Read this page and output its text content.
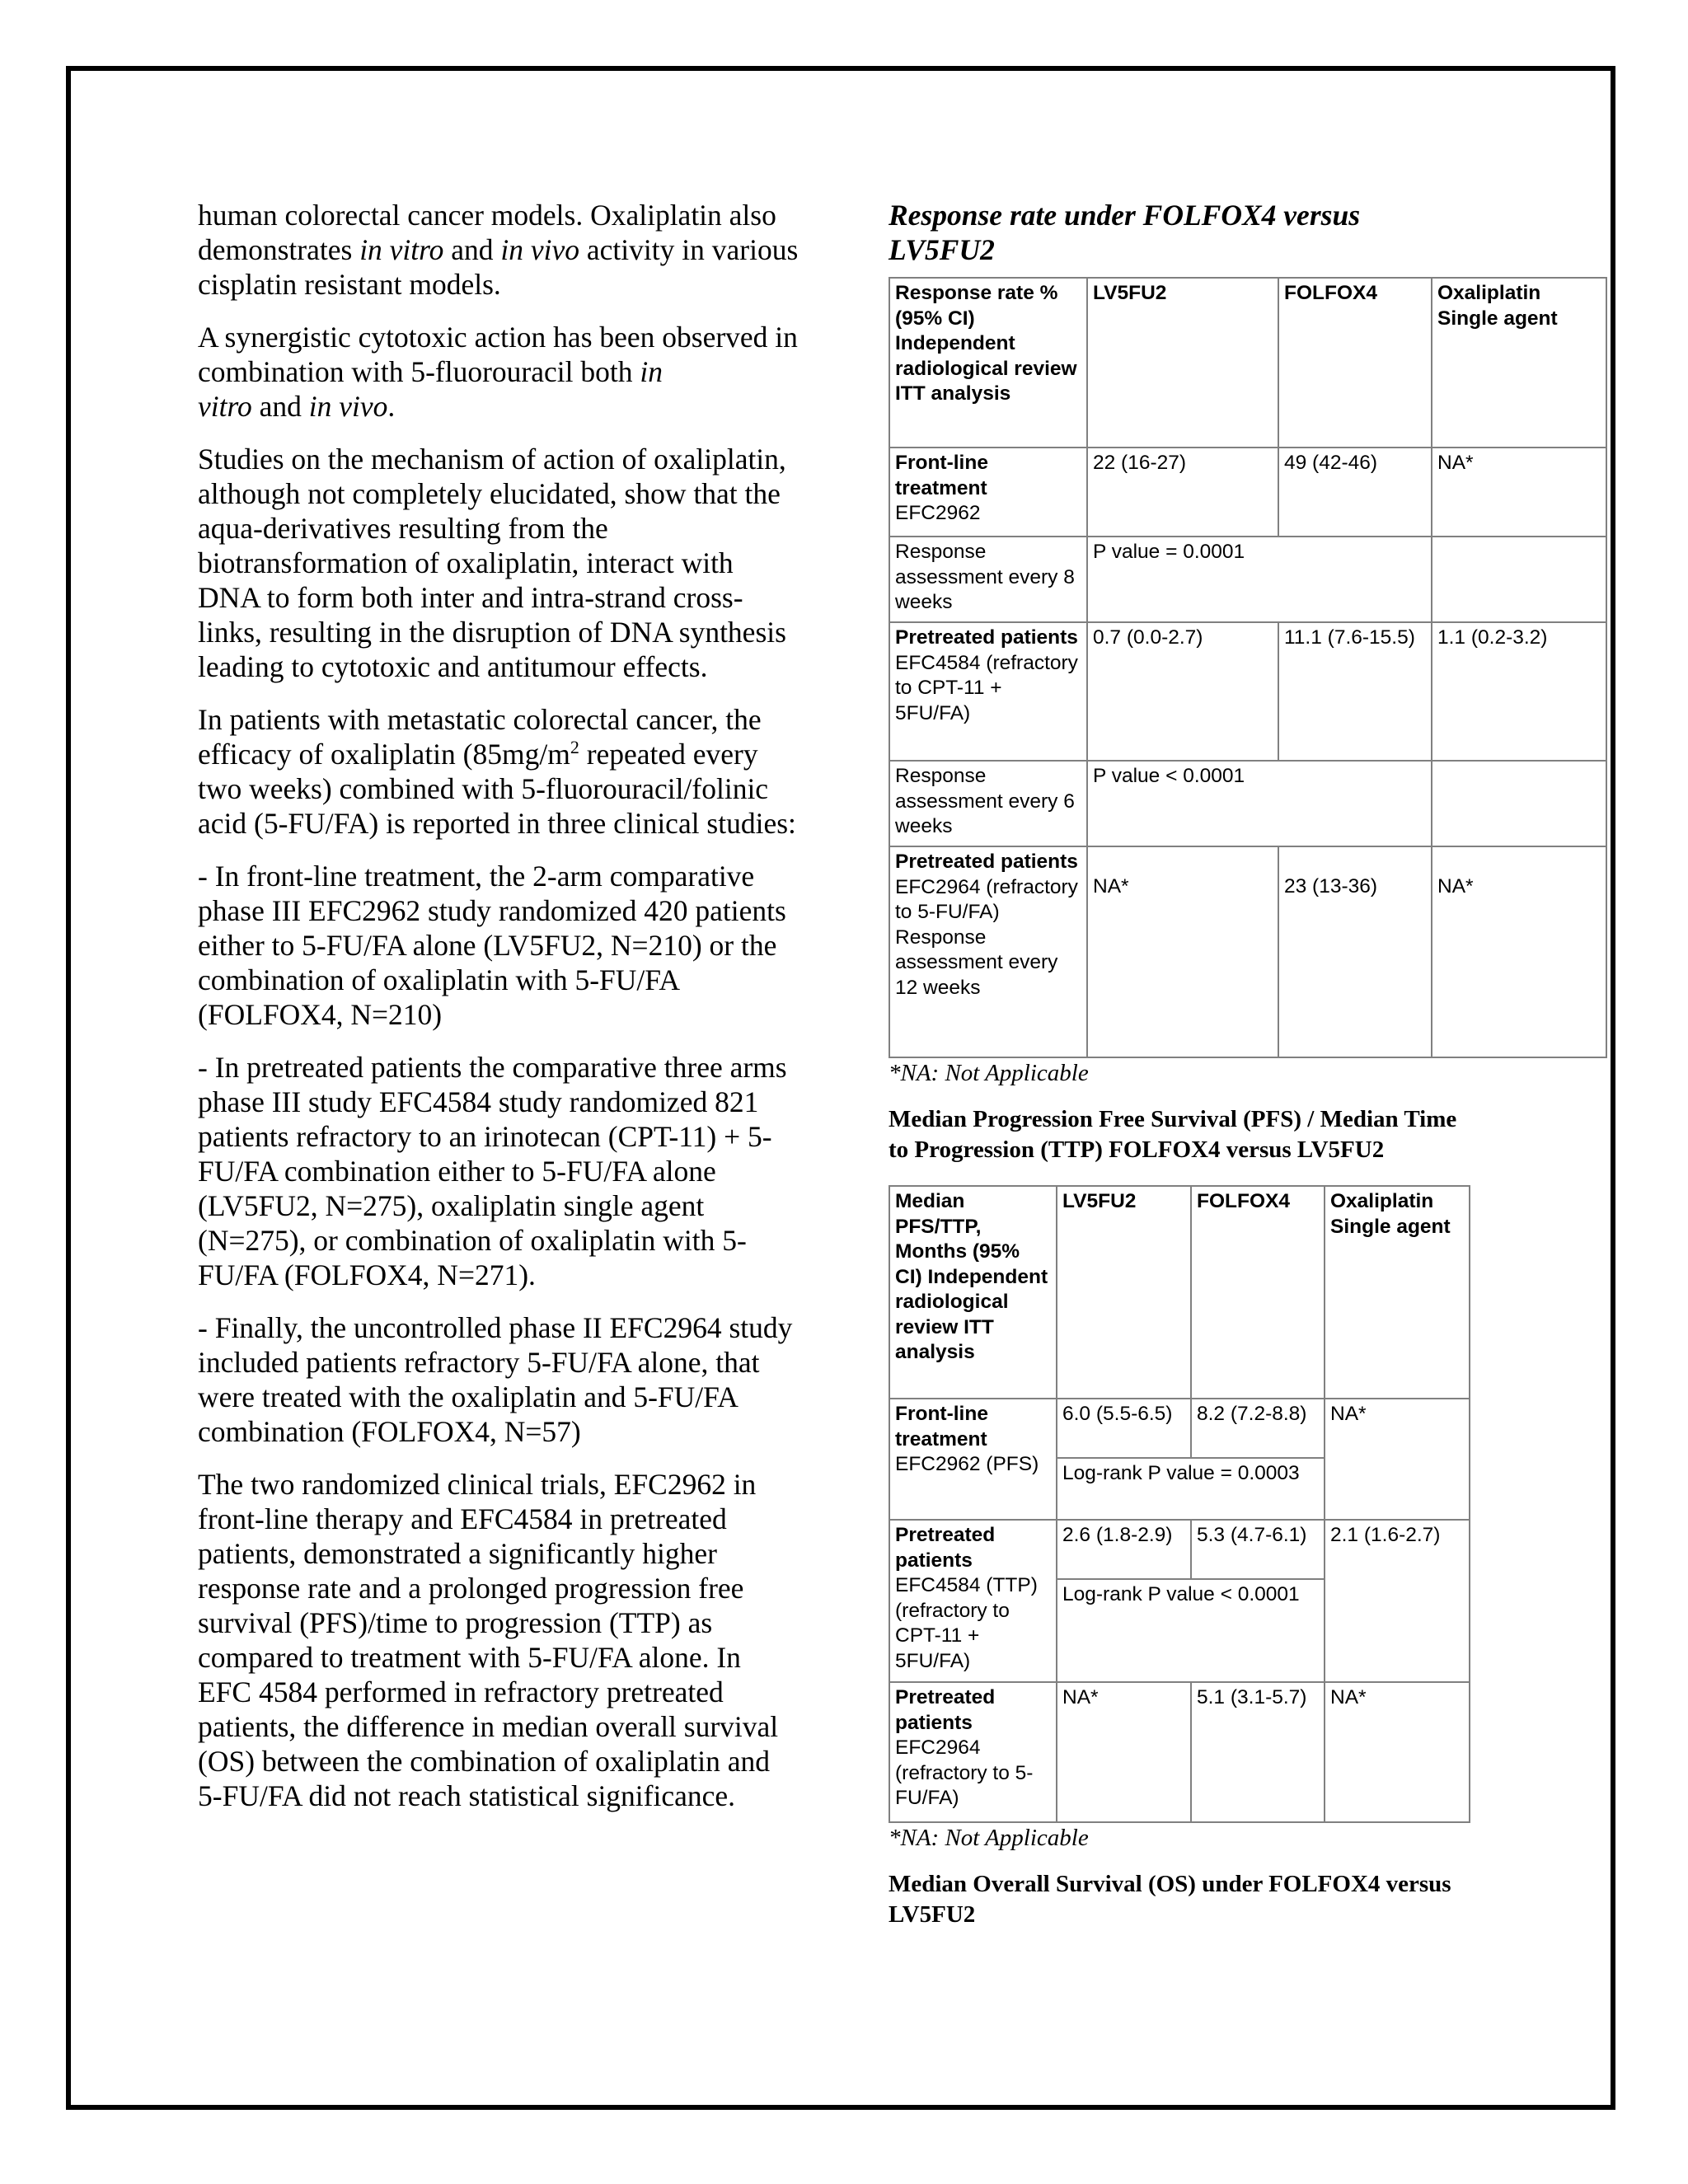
human colorectal cancer models. Oxaliplatin also demonstrates in vitro and in vivo activity in various cisplatin resistant models.

A synergistic cytotoxic action has been observed in combination with 5-fluorouracil both in
vitro and in vivo.

Studies on the mechanism of action of oxaliplatin, although not completely elucidated, show that the aqua-derivatives resulting from the biotransformation of oxaliplatin, interact with DNA to form both inter and intra-strand cross-links, resulting in the disruption of DNA synthesis leading to cytotoxic and antitumour effects.

In patients with metastatic colorectal cancer, the efficacy of oxaliplatin ($85mg/m^2$ repeated every two weeks) combined with 5-fluorouracil/folinic acid (5-FU/FA) is reported in three clinical studies:

- In front-line treatment, the 2-arm comparative phase III EFC2962 study randomized 420 patients either to 5-FU/FA alone (LV5FU2, N=210) or the combination of oxaliplatin with 5-FU/FA (FOLFOX4, N=210)

- In pretreated patients the comparative three arms phase III study EFC4584 study randomized 821 patients refractory to an irinotecan (CPT-11) + 5-FU/FA combination either to 5-FU/FA alone (LV5FU2, N=275), oxaliplatin single agent (N=275), or combination of oxaliplatin with 5-FU/FA (FOLFOX4, N=271).

- Finally, the uncontrolled phase II EFC2964 study included patients refractory 5-FU/FA alone, that were treated with the oxaliplatin and 5-FU/FA combination (FOLFOX4, N=57)

The two randomized clinical trials, EFC2962 in front-line therapy and EFC4584 in pretreated patients, demonstrated a significantly higher response rate and a prolonged progression free survival (PFS)/time to progression (TTP) as compared to treatment with 5-FU/FA alone. In EFC 4584 performed in refractory pretreated patients, the difference in median overall survival (OS) between the combination of oxaliplatin and 5-FU/FA did not reach statistical significance.

Response rate under FOLFOX4 versus LV5FU2

Response rate % (95% CI) Independent radiological review ITT analysis	LV5FU2	FOLFOX4	Oxaliplatin Single agent

Front-line treatment
EFC2962	22 (16-27)	49 (42-46)	NA*
Response assessment every 8 weeks	P value = 0.0001		

Pretreated patients
EFC4584 (refractory to CPT-11 + 5FU/FA)	0.7 (0.0-2.7)	11.1 (7.6-15.5)	1.1 (0.2-3.2)
Response assessment every 6 weeks	P value < 0.0001		

Pretreated patients
EFC2964 (refractory to 5-FU/FA) Response assessment every 12 weeks	NA*	23 (13-36)	NA*

*NA: Not Applicable

Median Progression Free Survival (PFS) / Median Time to Progression (TTP) FOLFOX4 versus LV5FU2

Median PFS/TTP, Months (95% CI) Independent radiological review ITT analysis	LV5FU2	FOLFOX4	Oxaliplatin Single agent

Front-line treatment
EFC2962 (PFS)	6.0 (5.5-6.5)	8.2 (7.2-8.8)	NA*
	Log-rank P value = 0.0003		

Pretreated patients
EFC4584 (TTP) (refractory to CPT-11 + 5FU/FA)	2.6 (1.8-2.9)	5.3 (4.7-6.1)	2.1 (1.6-2.7)
	Log-rank P value < 0.0001		

Pretreated patients
EFC2964 (refractory to 5-FU/FA)	NA*	5.1 (3.1-5.7)	NA*

*NA: Not Applicable

Median Overall Survival (OS) under FOLFOX4 versus LV5FU2
